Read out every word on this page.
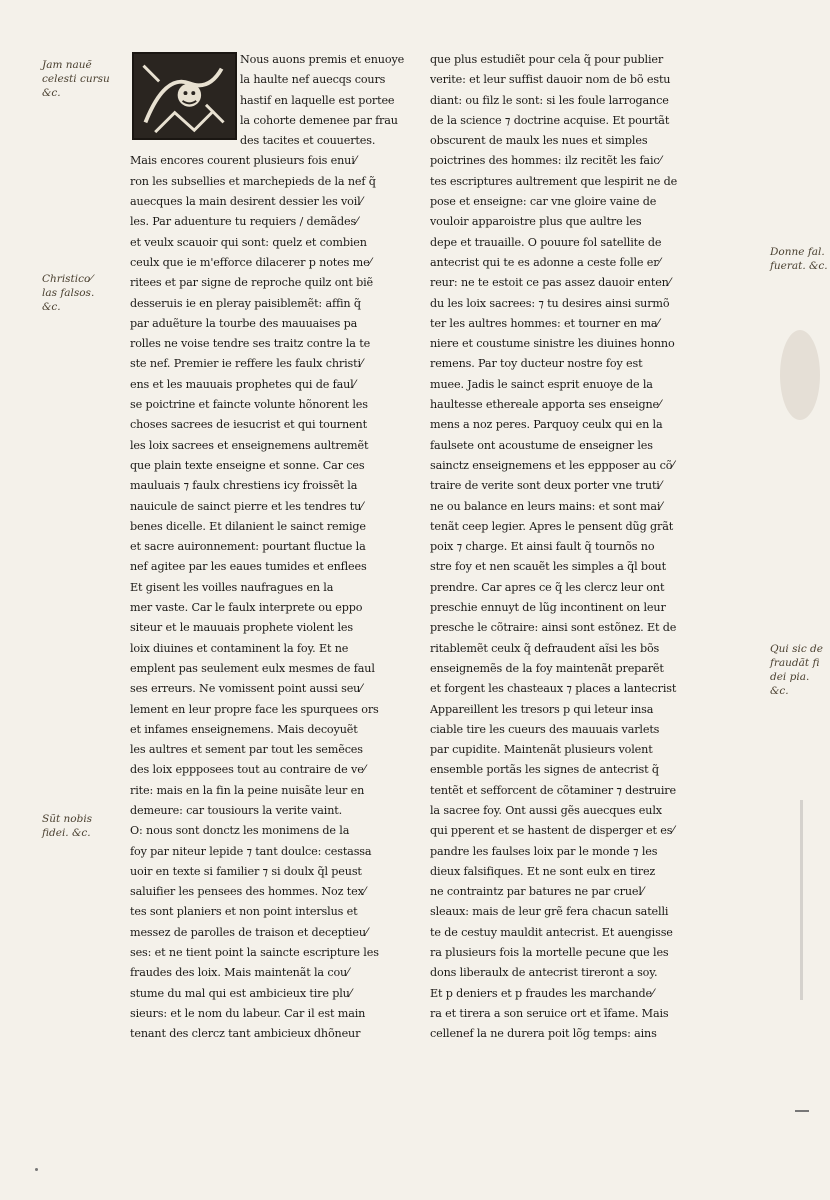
Jam nauẽ
celesti cursu
&c.
Christico⁄
las falsos.
&c.
Sũt nobis
fidei. &c.
Donne fal.
fuerat. &c.
Qui sic de
fraudãt fi
dei pia. &c.
Nous auons premis et enuoye
la haulte nef auecqs cours
hastif en laquelle est portee
la cohorte demenee par frau
des tacites et couuertes.
Mais encores courent plusieurs fois enui⁄
ron les subsellies et marchepieds de la nef q̃
auecques la main desirent dessier les voil⁄
les. Par aduenture tu requiers / demãdes⁄
et veulx scauoir qui sont: quelz et combien
ceulx que ie m'efforce dilacerer p notes me⁄
ritees et par signe de reproche quilz ont biẽ
desseruis ie en pleray paisiblemẽt: affin q̃
par aduẽture la tourbe des mauuaises pa
rolles ne voise tendre ses traitz contre la te
ste nef. Premier ie reffere les faulx christi⁄
ens et les mauuais prophetes qui de faul⁄
se poictrine et faincte volunte hõnorent les
choses sacrees de iesucrist et qui tournent
les loix sacrees et enseignemens aultremẽt
que plain texte enseigne et sonne. Car ces
mauluais ⁊ faulx chrestiens icy froissẽt la
nauicule de sainct pierre et les tendres tu⁄
benes dicelle. Et dilanient le sainct remige
et sacre auironnement: pourtant fluctue la
nef agitee par les eaues tumides et enflees
Et gisent les voilles naufragues en la
mer vaste. Car le faulx interprete ou eppo
siteur et le mauuais prophete violent les
loix diuines et contaminent la foy. Et ne
emplent pas seulement eulx mesmes de faul
ses erreurs. Ne vomissent point aussi seu⁄
lement en leur propre face les spurquees ors
et infames enseignemens. Mais decoyuẽt
les aultres et sement par tout les semẽces
des loix eppposees tout au contraire de ve⁄
rite: mais en la fin la peine nuisãte leur en
demeure: car tousiours la verite vaint.
O: nous sont donctz les monimens de la
foy par niteur lepide ⁊ tant doulce: cestassa
uoir en texte si familier ⁊ si doulx q̃l peust
saluifier les pensees des hommes. Noz tex⁄
tes sont planiers et non point interslus et
messez de parolles de traison et deceptieu⁄
ses: et ne tient point la saincte escripture les
fraudes des loix. Mais maintenãt la cou⁄
stume du mal qui est ambicieux tire plu⁄
sieurs: et le nom du labeur. Car il est main
tenant des clercz tant ambicieux dhõneur
que plus estudiẽt pour cela q̃ pour publier
verite: et leur suffist dauoir nom de bõ estu
diant: ou filz le sont: si les foule larrogance
de la science ⁊ doctrine acquise. Et pourtãt
obscurent de maulx les nues et simples
poictrines des hommes: ilz recitẽt les faic⁄
tes escriptures aultrement que lespirit ne de
pose et enseigne: car vne gloire vaine de
vouloir apparoistre plus que aultre les
depe et trauaille. O pouure fol satellite de
antecrist qui te es adonne a ceste folle er⁄
reur: ne te estoit ce pas assez dauoir enten⁄
du les loix sacrees: ⁊ tu desires ainsi surmõ
ter les aultres hommes: et tourner en ma⁄
niere et coustume sinistre les diuines honno
remens. Par toy ducteur nostre foy est
muee. Jadis le sainct esprit enuoye de la
haultesse ethereale apporta ses enseigne⁄
mens a noz peres. Parquoy ceulx qui en la
faulsete ont acoustume de enseigner les
sainctz enseignemens et les eppposer au cõ⁄
traire de verite sont deux porter vne truti⁄
ne ou balance en leurs mains: et sont mai⁄
tenãt ceep legier. Apres le pensent dũg grãt
poix ⁊ charge. Et ainsi fault q̃ tournõs no
stre foy et nen scauẽt les simples a q̃l bout
prendre. Car apres ce q̃ les clercz leur ont
preschie ennuyt de lũg incontinent on leur
presche le cõtraire: ainsi sont estõnez. Et de
ritablemẽt ceulx q̃ defraudent aĩsi les bõs
enseignemẽs de la foy maintenãt preparẽt
et forgent les chasteaux ⁊ places a lantecrist
Appareillent les tresors p qui leteur insa
ciable tire les cueurs des mauuais varlets
par cupidite. Maintenãt plusieurs volent
ensemble portãs les signes de antecrist q̃
tentẽt et sefforcent de cõtaminer ⁊ destruire
la sacree foy. Ont aussi gẽs auecques eulx
qui pperent et se hastent de disperger et es⁄
pandre les faulses loix par le monde ⁊ les
dieux falsifiques. Et ne sont eulx en tirez
ne contraintz par batures ne par cruel⁄
sleaux: mais de leur grẽ fera chacun satelli
te de cestuy mauldit antecrist. Et auengisse
ra plusieurs fois la mortelle pecune que les
dons liberaulx de antecrist tireront a soy.
Et p deniers et p fraudes les marchande⁄
ra et tirera a son seruice ort et īfame. Mais
cellenef la ne durera poit lõg temps: ains
